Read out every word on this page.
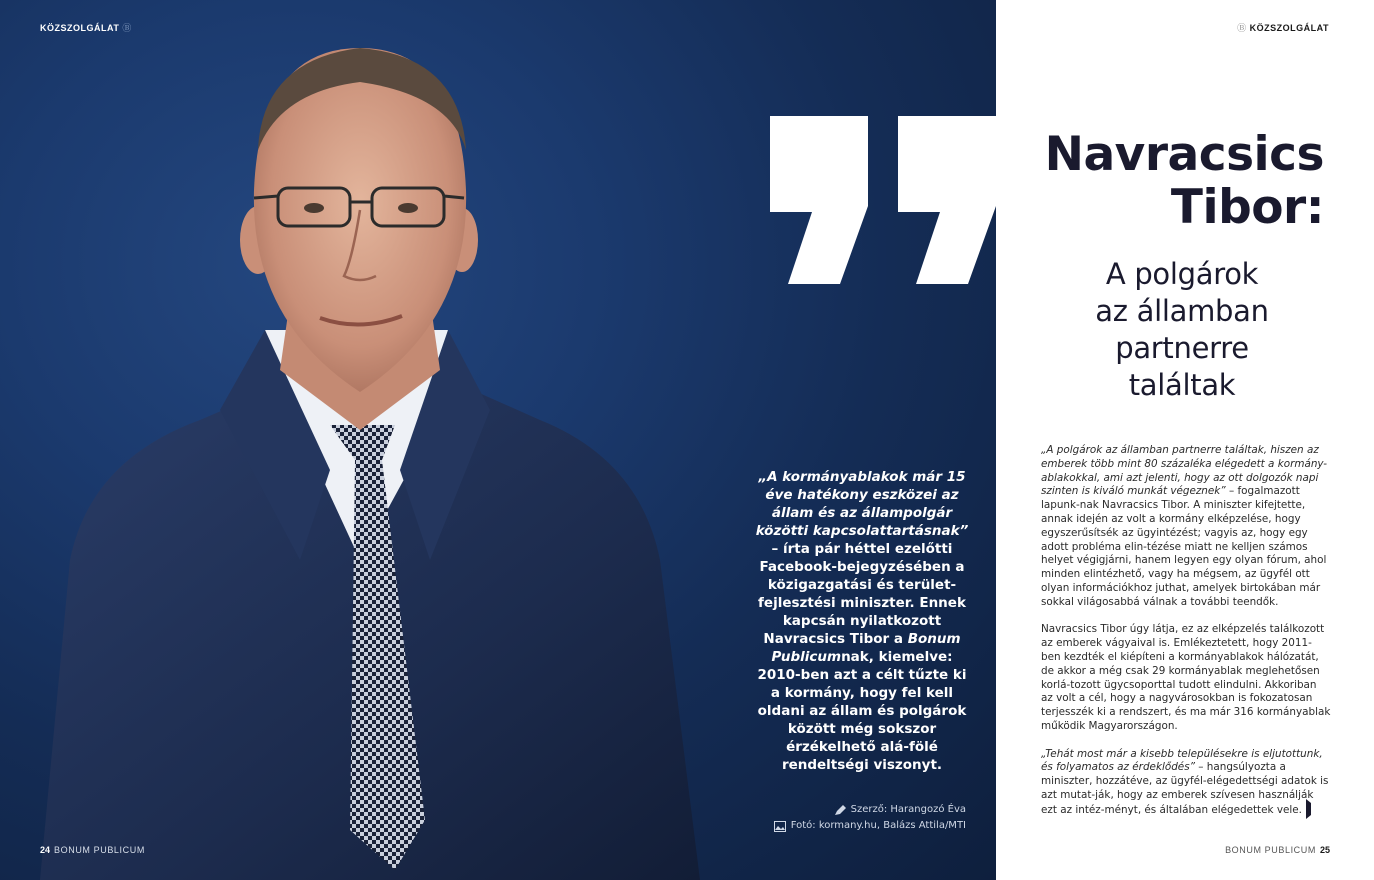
KÖZSZOLGÁLAT Ⓑ
„A kormányablakok már 15 éve hatékony eszközei az állam és az állampolgár közötti kapcsolattartásnak” – írta pár héttel ezelőtti Facebook-bejegyzésében a közigazgatási és terület-fejlesztési miniszter. Ennek kapcsán nyilatkozott Navracsics Tibor a Bonum Publicumnak, kiemelve: 2010-ben azt a célt tűzte ki a kormány, hogy fel kell oldani az állam és polgárok között még sokszor érzékelhető alá-fölé rendeltségi viszonyt.
Szerző: Harangozó Éva
Fotó: kormany.hu, Balázs Attila/MTI
24 BONUM PUBLICUM
Ⓑ KÖZSZOLGÁLAT
Navracsics
Tibor:
A polgárok
az államban
partnerre
találtak

„A polgárok az államban partnerre találtak, hiszen az emberek több mint 80 százaléka elégedett a kormány-ablakokkal, ami azt jelenti, hogy az ott dolgozók napi szinten is kiváló munkát végeznek” – fogalmazott lapunk-nak Navracsics Tibor. A miniszter kifejtette, annak idején az volt a kormány elképzelése, hogy egyszerűsítsék az ügyintézést; vagyis az, hogy egy adott probléma elin-tézése miatt ne kelljen számos helyet végigjárni, hanem legyen egy olyan fórum, ahol minden elintézhető, vagy ha mégsem, az ügyfél ott olyan információkhoz juthat, amelyek birtokában már sokkal világosabbá válnak a további teendők.

Navracsics Tibor úgy látja, ez az elképzelés találkozott az emberek vágyaival is. Emlékeztetett, hogy 2011-ben kezdték el kiépíteni a kormányablakok hálózatát, de akkor a még csak 29 kormányablak meglehetősen korlá-tozott ügycsoporttal tudott elindulni. Akkoriban az volt a cél, hogy a nagyvárosokban is fokozatosan terjesszék ki a rendszert, és ma már 316 kormányablak működik Magyarországon.

„Tehát most már a kisebb településekre is eljutottunk, és folyamatos az érdeklődés” – hangsúlyozta a miniszter, hozzátéve, az ügyfél-elégedettségi adatok is azt mutat-ják, hogy az emberek szívesen használják ezt az intéz-ményt, és általában elégedettek vele.

BONUM PUBLICUM 25
